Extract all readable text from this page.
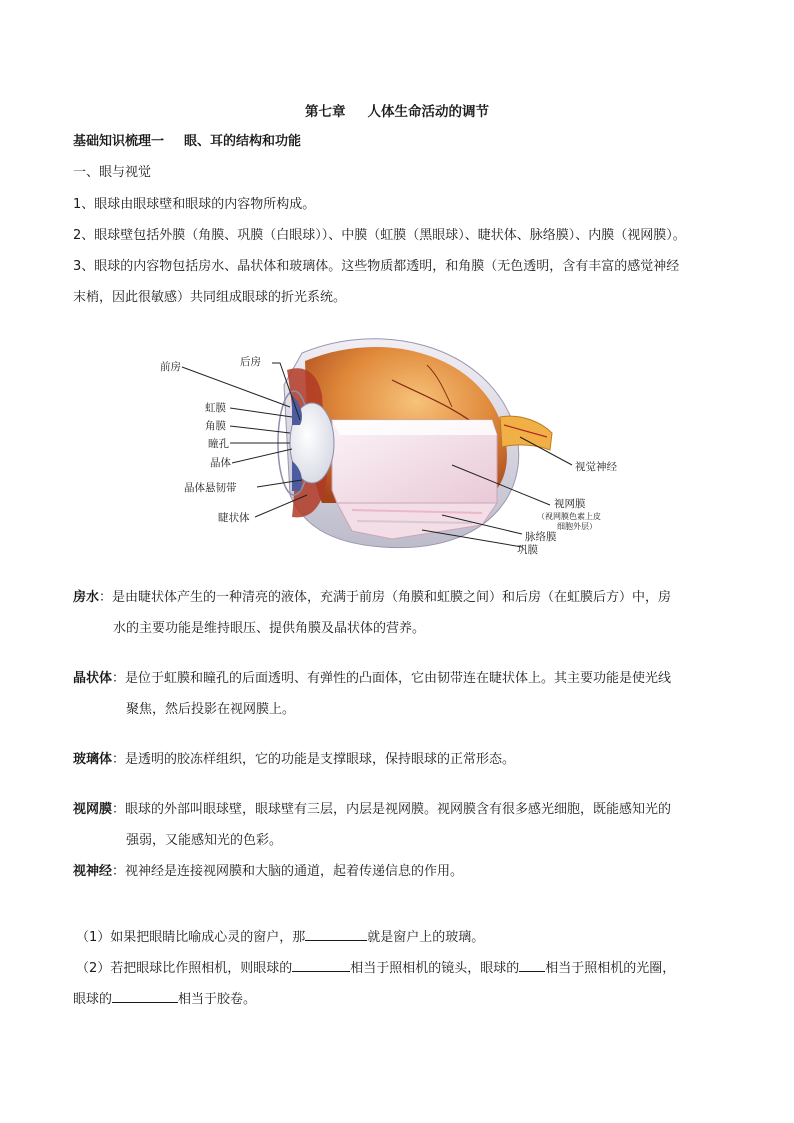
第七章 人体生命活动的调节
基础知识梳理一 眼、耳的结构和功能
一、眼与视觉
1、眼球由眼球壁和眼球的内容物所构成。
2、眼球壁包括外膜（角膜、巩膜（白眼球））、中膜（虹膜（黑眼球）、睫状体、脉络膜）、内膜（视网膜）。
3、眼球的内容物包括房水、晶状体和玻璃体。这些物质都透明，和角膜（无色透明，含有丰富的感觉神经
末梢，因此很敏感）共同组成眼球的折光系统。
前房	后房
虹膜
角膜
瞳孔
晶体
晶体悬韧带
睫状体
视觉神经
视网膜
（视网膜色素上皮
细胞外层）
脉络膜
巩膜
房水：是由睫状体产生的一种清亮的液体，充满于前房（角膜和虹膜之间）和后房（在虹膜后方）中，房
水的主要功能是维持眼压、提供角膜及晶状体的营养。
晶状体：是位于虹膜和瞳孔的后面透明、有弹性的凸面体，它由韧带连在睫状体上。其主要功能是使光线
聚焦，然后投影在视网膜上。
玻璃体：是透明的胶冻样组织，它的功能是支撑眼球，保持眼球的正常形态。
视网膜：眼球的外部叫眼球壁，眼球壁有三层，内层是视网膜。视网膜含有很多感光细胞，既能感知光的
强弱，又能感知光的色彩。
视神经：视神经是连接视网膜和大脑的通道，起着传递信息的作用。
（1）如果把眼睛比喻成心灵的窗户，那	就是窗户上的玻璃。
（2）若把眼球比作照相机，则眼球的	相当于照相机的镜头，眼球的 相当于照相机的光圈，
眼球的	相当于胶卷。
